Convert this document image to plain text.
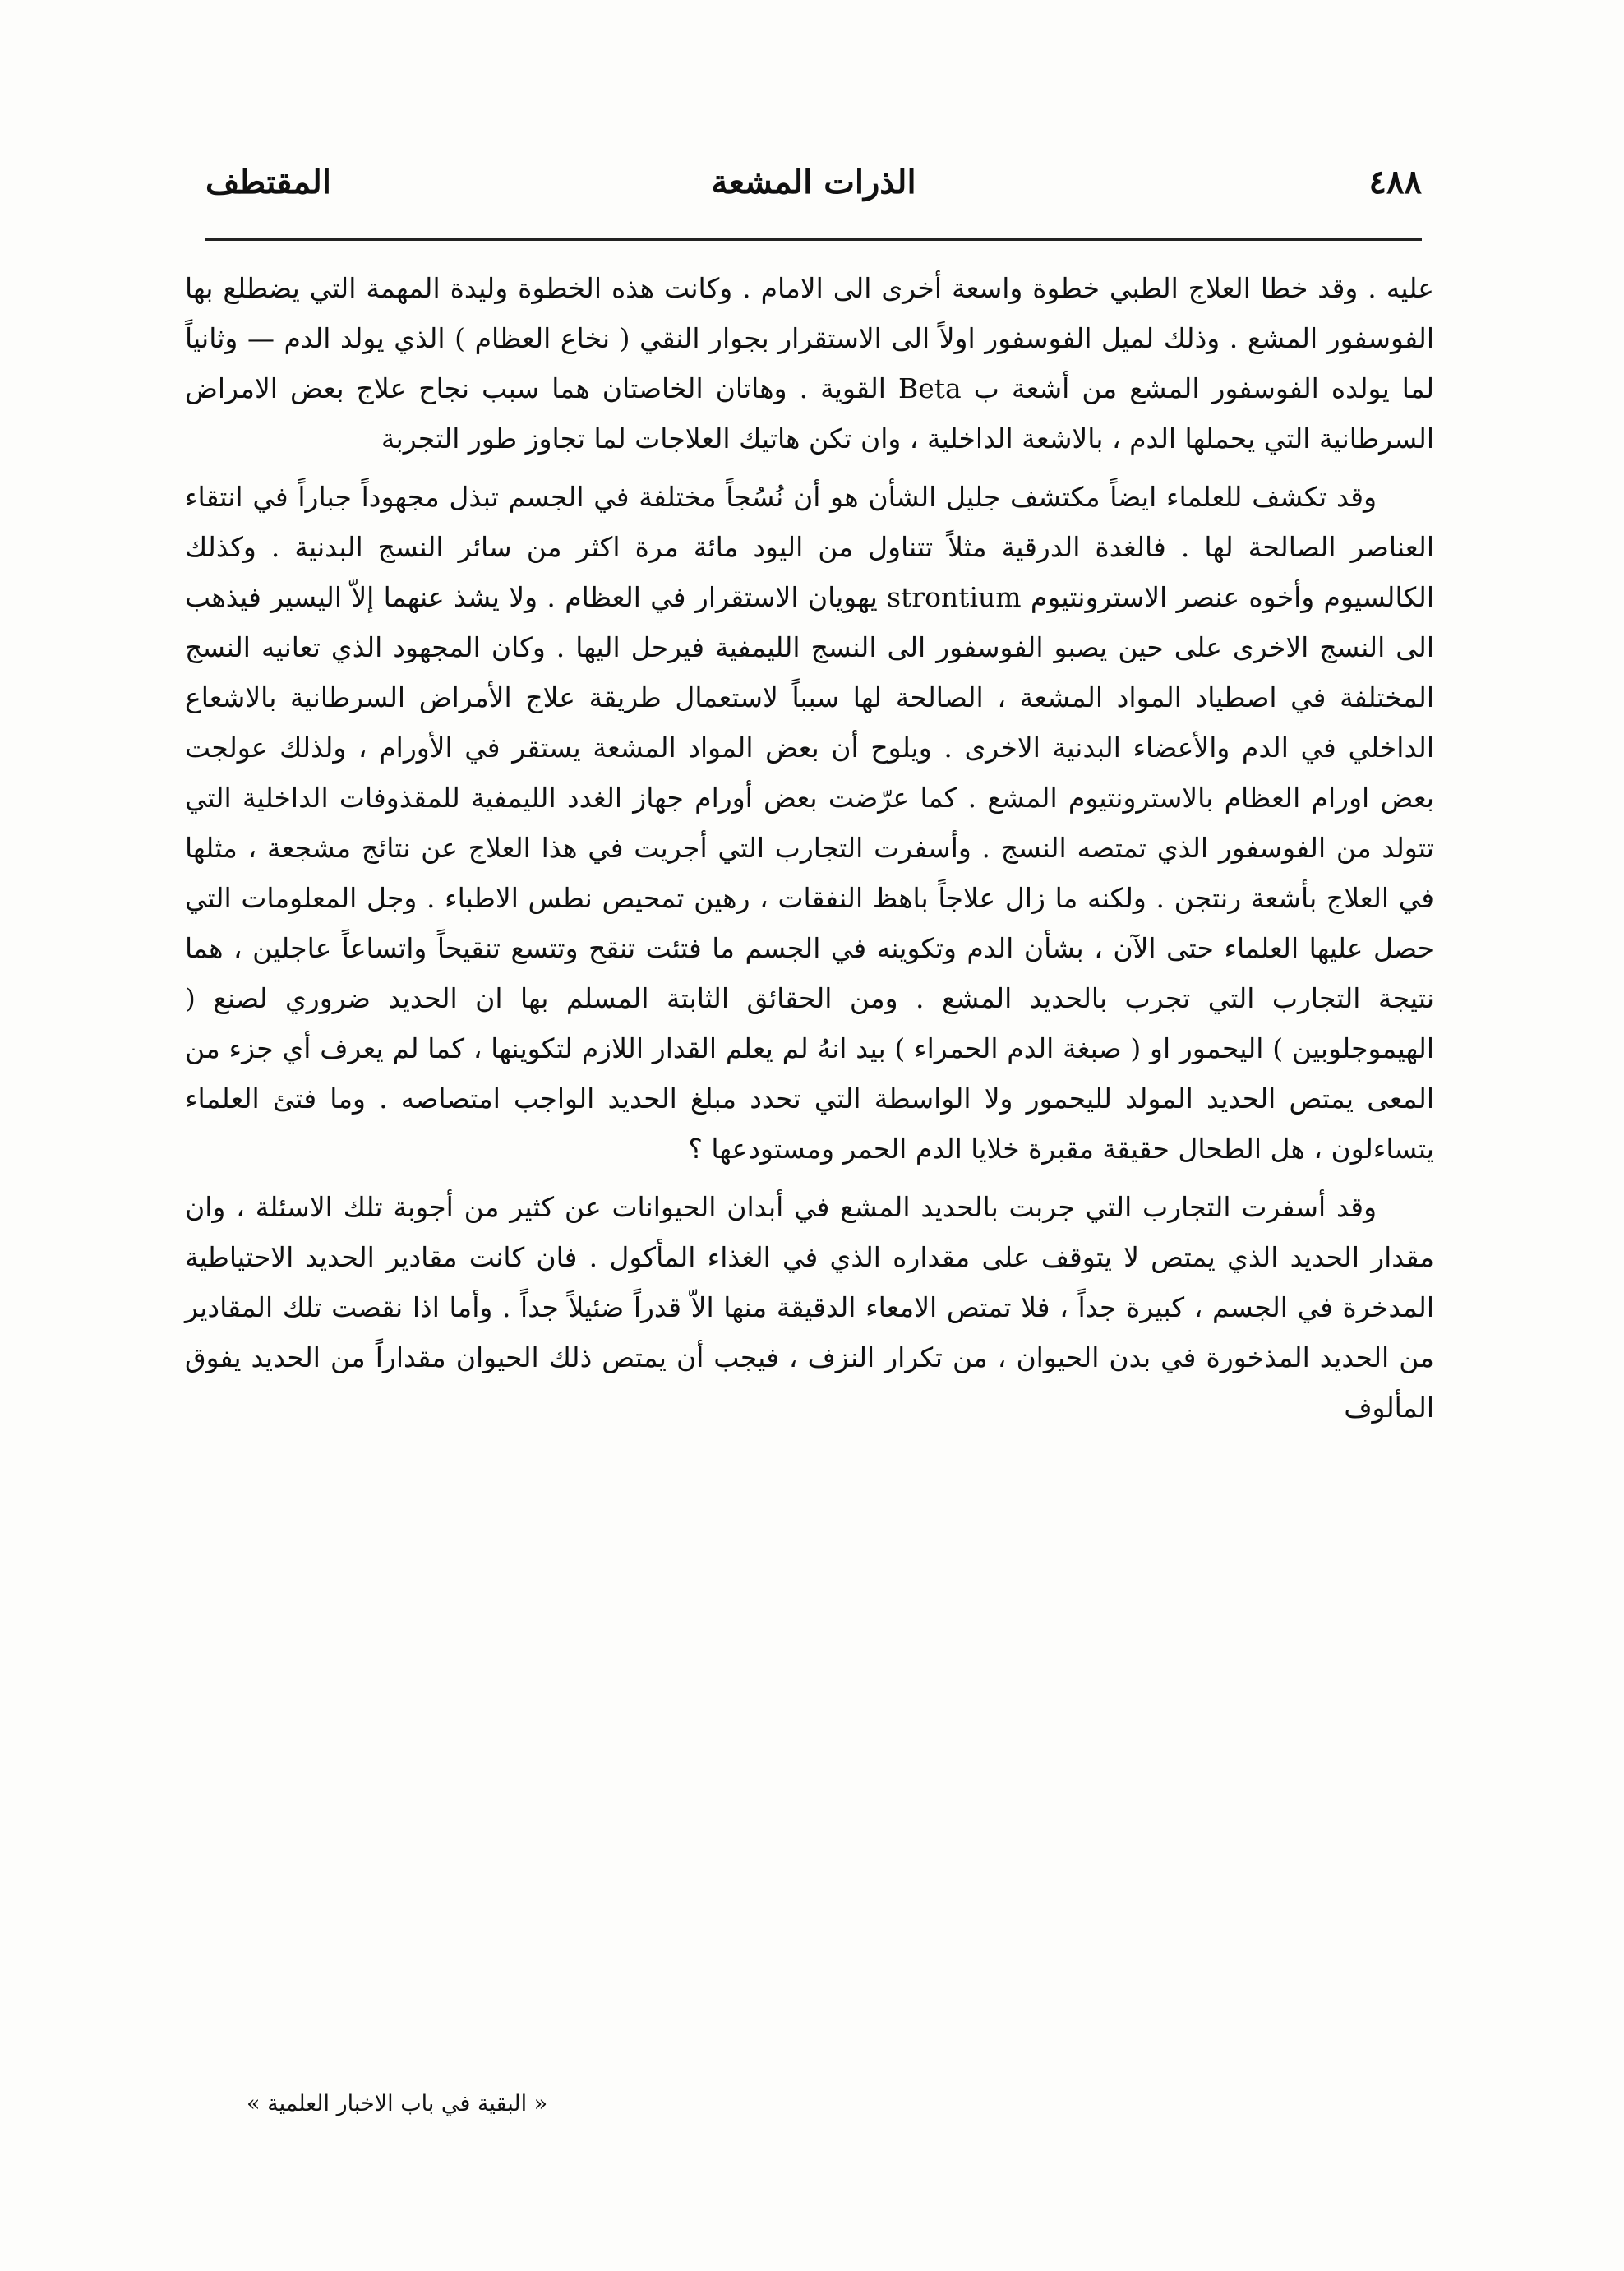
٤٨٨
الذرات المشعة
المقتطف

عليه . وقد خطا العلاج الطبي خطوة واسعة أخرى الى الامام . وكانت هذه الخطوة وليدة المهمة التي يضطلع بها الفوسفور المشع . وذلك لميل الفوسفور اولاً الى الاستقرار بجوار النقي ( نخاع العظام ) الذي يولد الدم — وثانياً لما يولده الفوسفور المشع من أشعة ب Beta القوية . وهاتان الخاصتان هما سبب نجاح علاج بعض الامراض السرطانية التي يحملها الدم ، بالاشعة الداخلية ، وان تكن هاتيك العلاجات لما تجاوز طور التجربة

وقد تكشف للعلماء ايضاً مكتشف جليل الشأن هو أن نُسُجاً مختلفة في الجسم تبذل مجهوداً جباراً في انتقاء العناصر الصالحة لها . فالغدة الدرقية مثلاً تتناول من اليود مائة مرة اكثر من سائر النسج البدنية . وكذلك الكالسيوم وأخوه عنصر الاسترونتيوم strontium يهويان الاستقرار في العظام . ولا يشذ عنهما إلاّ اليسير فيذهب الى النسج الاخرى على حين يصبو الفوسفور الى النسج الليمفية فيرحل اليها . وكان المجهود الذي تعانيه النسج المختلفة في اصطياد المواد المشعة ، الصالحة لها سبباً لاستعمال طريقة علاج الأمراض السرطانية بالاشعاع الداخلي في الدم والأعضاء البدنية الاخرى . ويلوح أن بعض المواد المشعة يستقر في الأورام ، ولذلك عولجت بعض اورام العظام بالاسترونتيوم المشع . كما عرّضت بعض أورام جهاز الغدد الليمفية للمقذوفات الداخلية التي تتولد من الفوسفور الذي تمتصه النسج . وأسفرت التجارب التي أجريت في هذا العلاج عن نتائج مشجعة ، مثلها في العلاج بأشعة رنتجن . ولكنه ما زال علاجاً باهظ النفقات ، رهين تمحيص نطس الاطباء . وجل المعلومات التي حصل عليها العلماء حتى الآن ، بشأن الدم وتكوينه في الجسم ما فتئت تنقح وتتسع تنقيحاً واتساعاً عاجلين ، هما نتيجة التجارب التي تجرب بالحديد المشع . ومن الحقائق الثابتة المسلم بها ان الحديد ضروري لصنع ( الهيموجلوبين ) اليحمور او ( صبغة الدم الحمراء ) بيد انهُ لم يعلم القدار اللازم لتكوينها ، كما لم يعرف أي جزء من المعى يمتص الحديد المولد لليحمور ولا الواسطة التي تحدد مبلغ الحديد الواجب امتصاصه . وما فتئ العلماء يتساءلون ، هل الطحال حقيقة مقبرة خلايا الدم الحمر ومستودعها ؟

وقد أسفرت التجارب التي جربت بالحديد المشع في أبدان الحيوانات عن كثير من أجوبة تلك الاسئلة ، وان مقدار الحديد الذي يمتص لا يتوقف على مقداره الذي في الغذاء المأكول . فان كانت مقادير الحديد الاحتياطية المدخرة في الجسم ، كبيرة جداً ، فلا تمتص الامعاء الدقيقة منها الاّ قدراً ضئيلاً جداً . وأما اذا نقصت تلك المقادير من الحديد المذخورة في بدن الحيوان ، من تكرار النزف ، فيجب أن يمتص ذلك الحيوان مقداراً من الحديد يفوق المألوف

« البقية في باب الاخبار العلمية »
